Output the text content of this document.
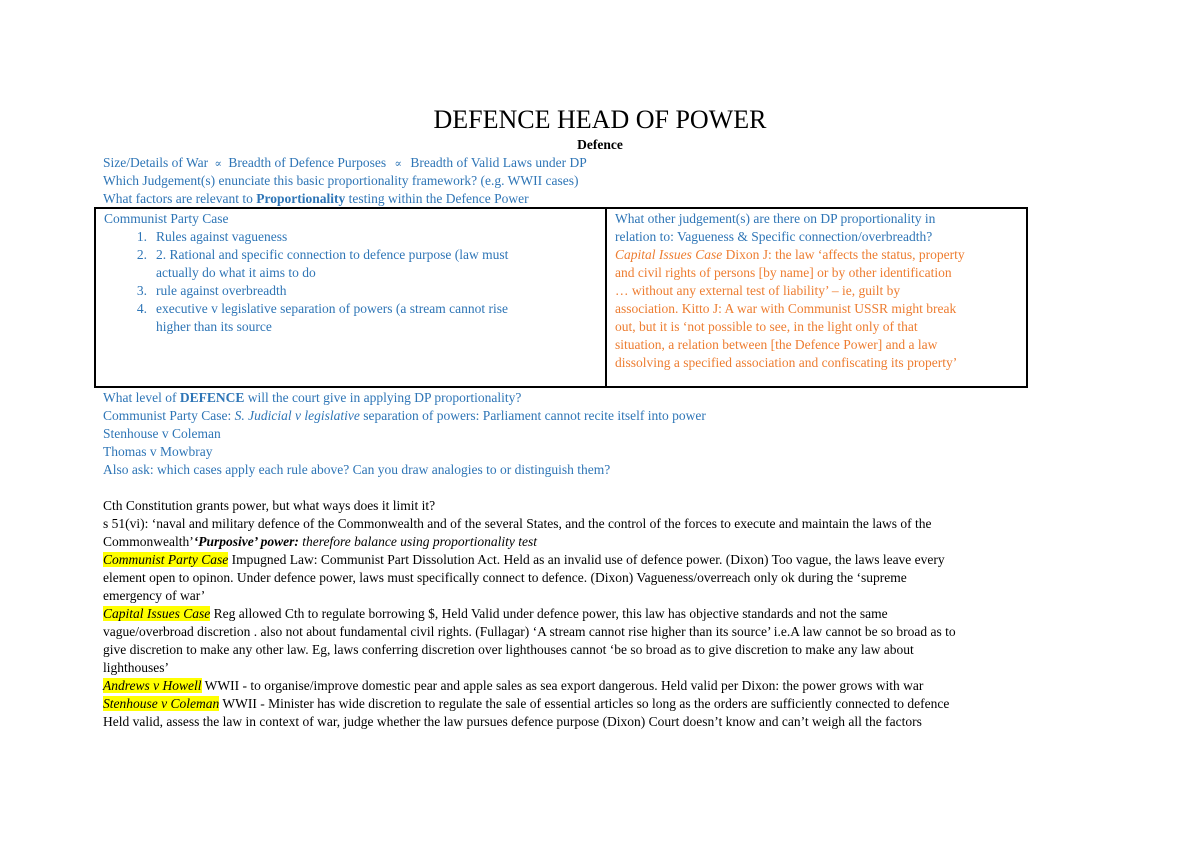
DEFENCE HEAD OF POWER
Defence
Size/Details of War ∝ Breadth of Defence Purposes ∝ Breadth of Valid Laws under DP
Which Judgement(s) enunciate this basic proportionality framework? (e.g. WWII cases)
What factors are relevant to Proportionality testing within the Defence Power
Communist Party Case
1. Rules against vagueness
2. 2. Rational and specific connection to defence purpose (law must
actually do what it aims to do
3. rule against overbreadth
4. executive v legislative separation of powers (a stream cannot rise
higher than its source

What other judgement(s) are there on DP proportionality in
relation to: Vagueness & Specific connection/overbreadth?
Capital Issues Case Dixon J: the law ‘affects the status, property
and civil rights of persons [by name] or by other identification
… without any external test of liability’ – ie, guilt by
association. Kitto J: A war with Communist USSR might break
out, but it is ‘not possible to see, in the light only of that
situation, a relation between [the Defence Power] and a law
dissolving a specified association and confiscating its property’
What level of DEFENCE will the court give in applying DP proportionality?
Communist Party Case: S. Judicial v legislative separation of powers: Parliament cannot recite itself into power
Stenhouse v Coleman
Thomas v Mowbray
Also ask: which cases apply each rule above? Can you draw analogies to or distinguish them?
Cth Constitution grants power, but what ways does it limit it?
s 51(vi): ‘naval and military defence of the Commonwealth and of the several States, and the control of the forces to execute and maintain the laws of the
Commonwealth’‘Purposive’ power: therefore balance using proportionality test
Communist Party Case Impugned Law: Communist Part Dissolution Act. Held as an invalid use of defence power. (Dixon) Too vague, the laws leave every
element open to opinon. Under defence power, laws must specifically connect to defence. (Dixon) Vagueness/overreach only ok during the ‘supreme
emergency of war’
Capital Issues Case Reg allowed Cth to regulate borrowing $, Held Valid under defence power, this law has objective standards and not the same
vague/overbroad discretion . also not about fundamental civil rights. (Fullagar) ‘A stream cannot rise higher than its source’ i.e.A law cannot be so broad as to
give discretion to make any other law. Eg, laws conferring discretion over lighthouses cannot ‘be so broad as to give discretion to make any law about
lighthouses’
Andrews v Howell WWII - to organise/improve domestic pear and apple sales as sea export dangerous. Held valid per Dixon: the power grows with war
Stenhouse v Coleman WWII - Minister has wide discretion to regulate the sale of essential articles so long as the orders are sufficiently connected to defence
Held valid, assess the law in context of war, judge whether the law pursues defence purpose (Dixon) Court doesn’t know and can’t weigh all the factors
